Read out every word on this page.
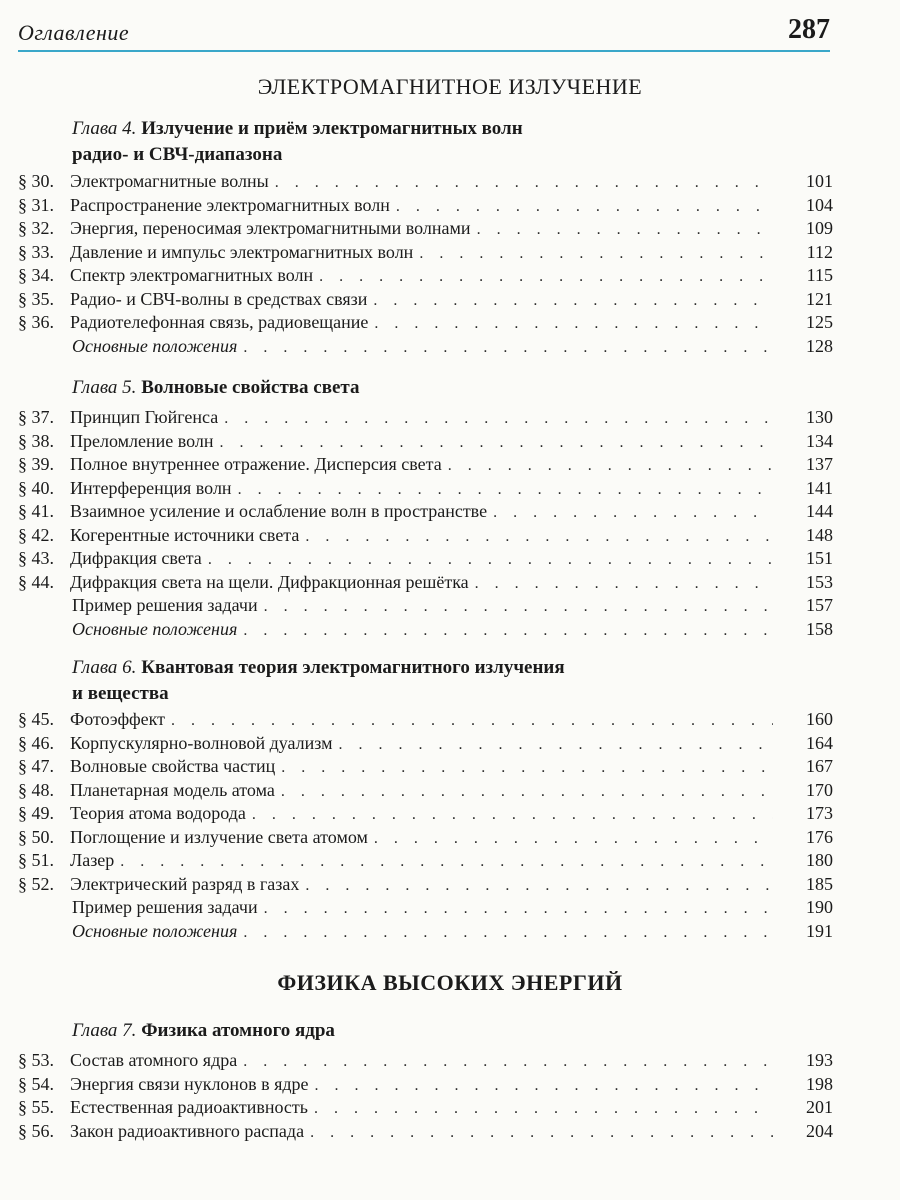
Оглавление	287
ЭЛЕКТРОМАГНИТНОЕ ИЗЛУЧЕНИЕ
Глава 4. Излучение и приём электромагнитных волн
радио- и СВЧ-диапазона
§ 30. Электромагнитные волны . . .	101
§ 31. Распространение электромагнитных волн . . .	104
§ 32. Энергия, переносимая электромагнитными волнами . . .	109
§ 33. Давление и импульс электромагнитных волн . . .	112
§ 34. Спектр электромагнитных волн . . .	115
§ 35. Радио- и СВЧ-волны в средствах связи . . .	121
§ 36. Радиотелефонная связь, радиовещание . . .	125
Основные положения . . .	128
Глава 5. Волновые свойства света
§ 37. Принцип Гюйгенса . . .	130
§ 38. Преломление волн . . .	134
§ 39. Полное внутреннее отражение. Дисперсия света . . .	137
§ 40. Интерференция волн . . .	141
§ 41. Взаимное усиление и ослабление волн в пространстве . . .	144
§ 42. Когерентные источники света . . .	148
§ 43. Дифракция света . . .	151
§ 44. Дифракция света на щели. Дифракционная решётка . . .	153
Пример решения задачи . . .	157
Основные положения . . .	158
Глава 6. Квантовая теория электромагнитного излучения
и вещества
§ 45. Фотоэффект . . .	160
§ 46. Корпускулярно-волновой дуализм . . .	164
§ 47. Волновые свойства частиц . . .	167
§ 48. Планетарная модель атома . . .	170
§ 49. Теория атома водорода . . .	173
§ 50. Поглощение и излучение света атомом . . .	176
§ 51. Лазер . . .	180
§ 52. Электрический разряд в газах . . .	185
Пример решения задачи . . .	190
Основные положения . . .	191
ФИЗИКА ВЫСОКИХ ЭНЕРГИЙ
Глава 7. Физика атомного ядра
§ 53. Состав атомного ядра . . .	193
§ 54. Энергия связи нуклонов в ядре . . .	198
§ 55. Естественная радиоактивность . . .	201
§ 56. Закон радиоактивного распада . . .	204
